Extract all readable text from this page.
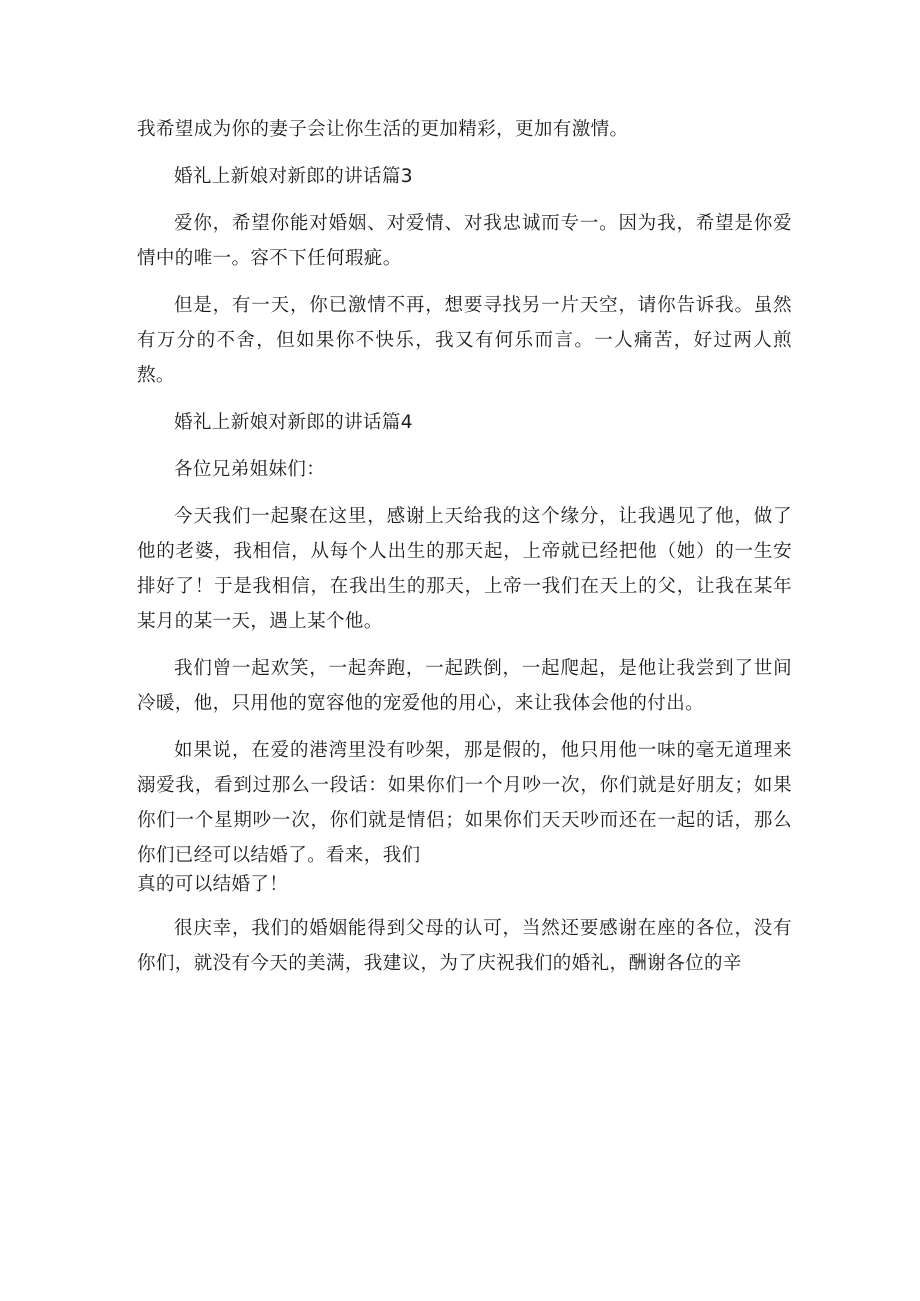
我希望成为你的妻子会让你生活的更加精彩，更加有激情。

婚礼上新娘对新郎的讲话篇3

爱你，希望你能对婚姻、对爱情、对我忠诚而专一。因为我，希望是你爱情中的唯一。容不下任何瑕疵。

但是，有一天，你已激情不再，想要寻找另一片天空，请你告诉我。虽然有万分的不舍，但如果你不快乐，我又有何乐而言。一人痛苦，好过两人煎熬。

婚礼上新娘对新郎的讲话篇4

各位兄弟姐妹们：

今天我们一起聚在这里，感谢上天给我的这个缘分，让我遇见了他，做了他的老婆，我相信，从每个人出生的那天起，上帝就已经把他（她）的一生安排好了！于是我相信，在我出生的那天，上帝一我们在天上的父，让我在某年某月的某一天，遇上某个他。

我们曾一起欢笑，一起奔跑，一起跌倒，一起爬起，是他让我尝到了世间冷暖，他，只用他的宽容他的宠爱他的用心，来让我体会他的付出。

如果说，在爱的港湾里没有吵架，那是假的，他只用他一味的毫无道理来溺爱我，看到过那么一段话：如果你们一个月吵一次，你们就是好朋友；如果你们一个星期吵一次，你们就是情侣；如果你们天天吵而还在一起的话，那么你们已经可以结婚了。看来，我们

真的可以结婚了！

很庆幸，我们的婚姻能得到父母的认可，当然还要感谢在座的各位，没有你们，就没有今天的美满，我建议，为了庆祝我们的婚礼，酬谢各位的辛
